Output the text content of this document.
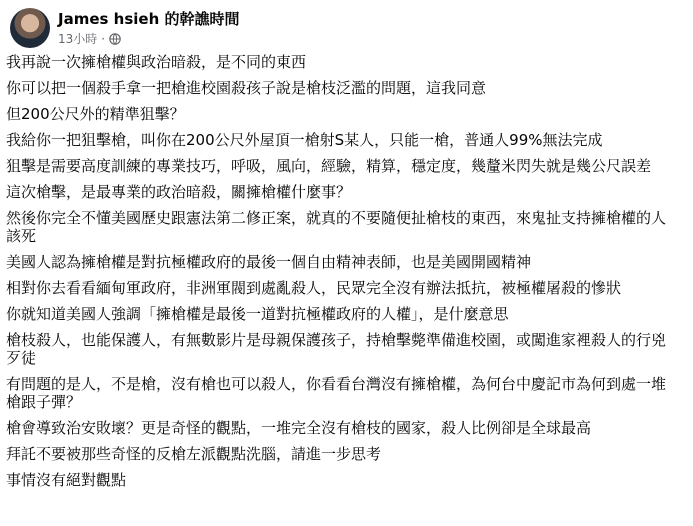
James hsieh 的幹譙時間
13小時 ·

我再說一次擁槍權與政治暗殺，是不同的東西

你可以把一個殺手拿一把槍進校園殺孩子說是槍枝泛濫的問題，這我同意

但200公尺外的精準狙擊？

我給你一把狙擊槍，叫你在200公尺外屋頂一槍射S某人，只能一槍，普通人99%無法完成

狙擊是需要高度訓練的專業技巧，呼吸，風向，經驗，精算，穩定度，幾釐米閃失就是幾公尺誤差

這次槍擊，是最專業的政治暗殺，關擁槍權什麼事？

然後你完全不懂美國歷史跟憲法第二修正案，就真的不要隨便扯槍枝的東西，來鬼扯支持擁槍權的人該死

美國人認為擁槍權是對抗極權政府的最後一個自由精神表師，也是美國開國精神

相對你去看看緬甸軍政府，非洲軍閥到處亂殺人，民眾完全沒有辦法抵抗，被極權屠殺的慘狀

你就知道美國人強調「擁槍權是最後一道對抗極權政府的人權」，是什麼意思

槍枝殺人，也能保護人，有無數影片是母親保護孩子，持槍擊斃準備進校園，或闖進家裡殺人的行兇歹徒

有問題的是人，不是槍，沒有槍也可以殺人，你看看台灣沒有擁槍權，為何台中慶記市為何到處一堆槍跟子彈？

槍會導致治安敗壞？更是奇怪的觀點，一堆完全沒有槍枝的國家，殺人比例卻是全球最高

拜託不要被那些奇怪的反槍左派觀點洗腦，請進一步思考

事情沒有絕對觀點
